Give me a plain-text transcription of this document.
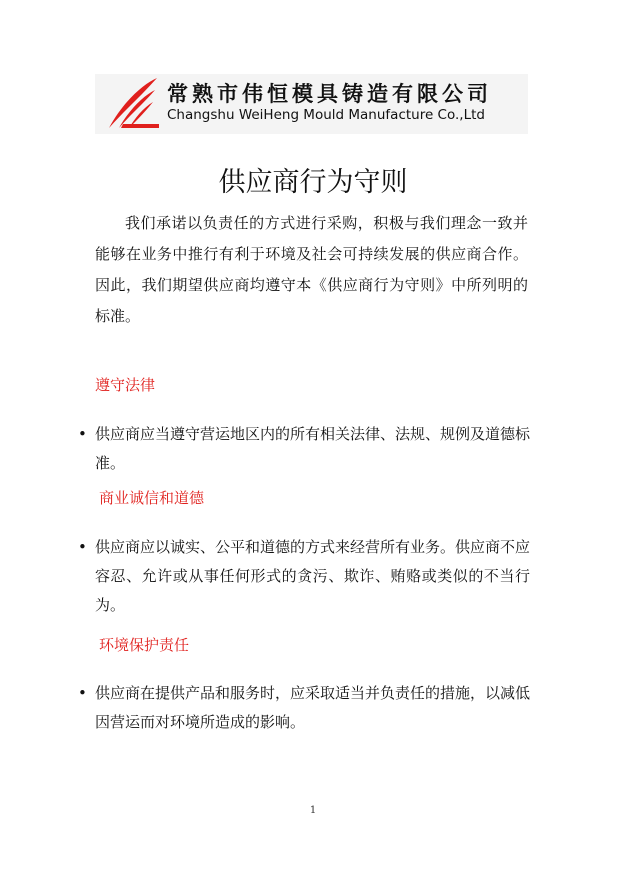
常熟市伟恒模具铸造有限公司
Changshu WeiHeng Mould Manufacture Co.,Ltd
供应商行为守则

我们承诺以负责任的方式进行采购，积极与我们理念一致并能够在业务中推行有利于环境及社会可持续发展的供应商合作。因此，我们期望供应商均遵守本《供应商行为守则》中所列明的标准。

遵守法律

• 供应商应当遵守营运地区内的所有相关法律、法规、规例及道德标准。

商业诚信和道德

• 供应商应以诚实、公平和道德的方式来经营所有业务。供应商不应容忍、允许或从事任何形式的贪污、欺诈、贿赂或类似的不当行为。

环境保护责任

• 供应商在提供产品和服务时，应采取适当并负责任的措施，以减低因营运而对环境所造成的影响。
1
